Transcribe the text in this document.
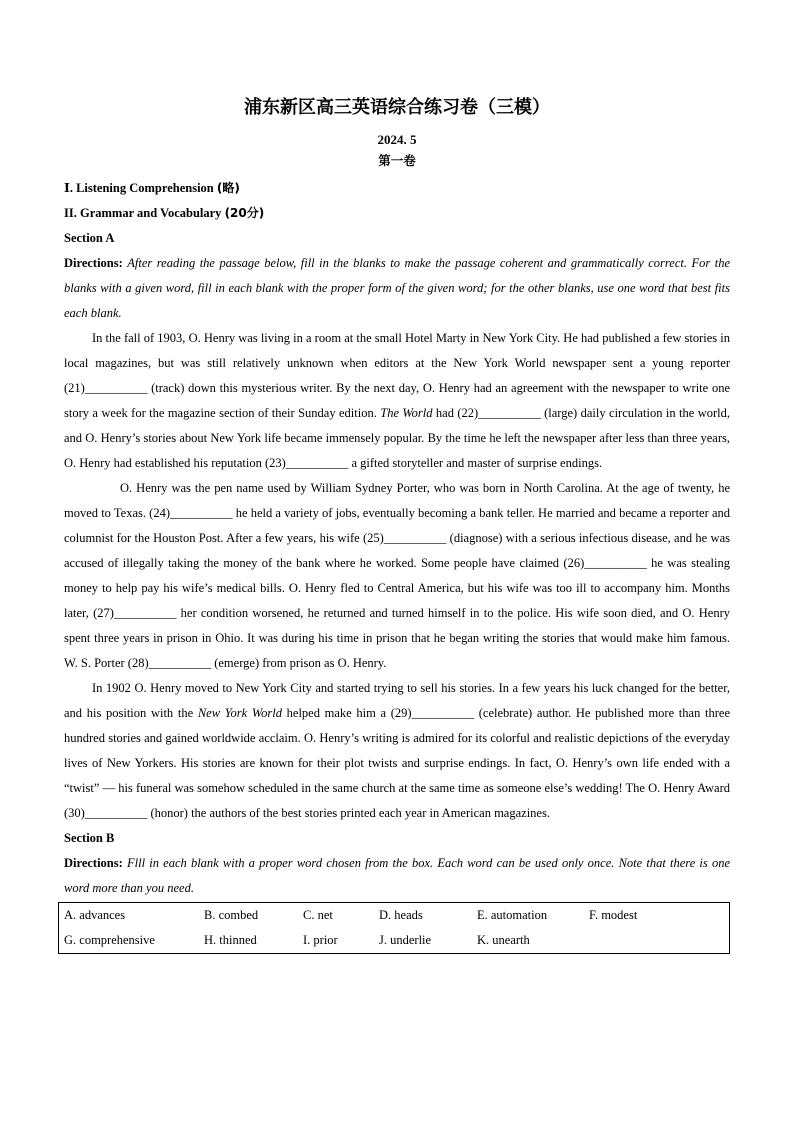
浦东新区高三英语综合练习卷（三模）

2024. 5

第一卷

Ⅰ. Listening Comprehension (略)

II. Grammar and Vocabulary (20分)

Section A

Directions: After reading the passage below, fill in the blanks to make the passage coherent and grammatically correct. For the blanks with a given word, fill in each blank with the proper form of the given word; for the other blanks, use one word that best fits each blank.

In the fall of 1903, O. Henry was living in a room at the small Hotel Marty in New York City. He had published a few stories in local magazines, but was still relatively unknown when editors at the New York World newspaper sent a young reporter (21)__________ (track) down this mysterious writer. By the next day, O. Henry had an agreement with the newspaper to write one story a week for the magazine section of their Sunday edition. The World had (22)__________ (large) daily circulation in the world, and O. Henry’s stories about New York life became immensely popular. By the time he left the newspaper after less than three years, O. Henry had established his reputation (23)__________ a gifted storyteller and master of surprise endings.

O. Henry was the pen name used by William Sydney Porter, who was born in North Carolina. At the age of twenty, he moved to Texas. (24)__________ he held a variety of jobs, eventually becoming a bank teller. He married and became a reporter and columnist for the Houston Post. After a few years, his wife (25)__________ (diagnose) with a serious infectious disease, and he was accused of illegally taking the money of the bank where he worked. Some people have claimed (26)__________ he was stealing money to help pay his wife’s medical bills. O. Henry fled to Central America, but his wife was too ill to accompany him. Months later, (27)__________ her condition worsened, he returned and turned himself in to the police. His wife soon died, and O. Henry spent three years in prison in Ohio. It was during his time in prison that he began writing the stories that would make him famous. W. S. Porter (28)__________ (emerge) from prison as O. Henry.

In 1902 O. Henry moved to New York City and started trying to sell his stories. In a few years his luck changed for the better, and his position with the New York World helped make him a (29)__________ (celebrate) author. He published more than three hundred stories and gained worldwide acclaim. O. Henry’s writing is admired for its colorful and realistic depictions of the everyday lives of New Yorkers. His stories are known for their plot twists and surprise endings. In fact, O. Henry’s own life ended with a “twist” — his funeral was somehow scheduled in the same church at the same time as someone else’s wedding! The O. Henry Award (30)__________ (honor) the authors of the best stories printed each year in American magazines.

Section B

Directions: Flll in each blank with a proper word chosen from the box. Each word can be used only once. Note that there is one word more than you need.

A. advances	B. combed	C. net	D. heads	E. automation	F. modest
G. comprehensive	H. thinned	I. prior	J. underlie	K. unearth
